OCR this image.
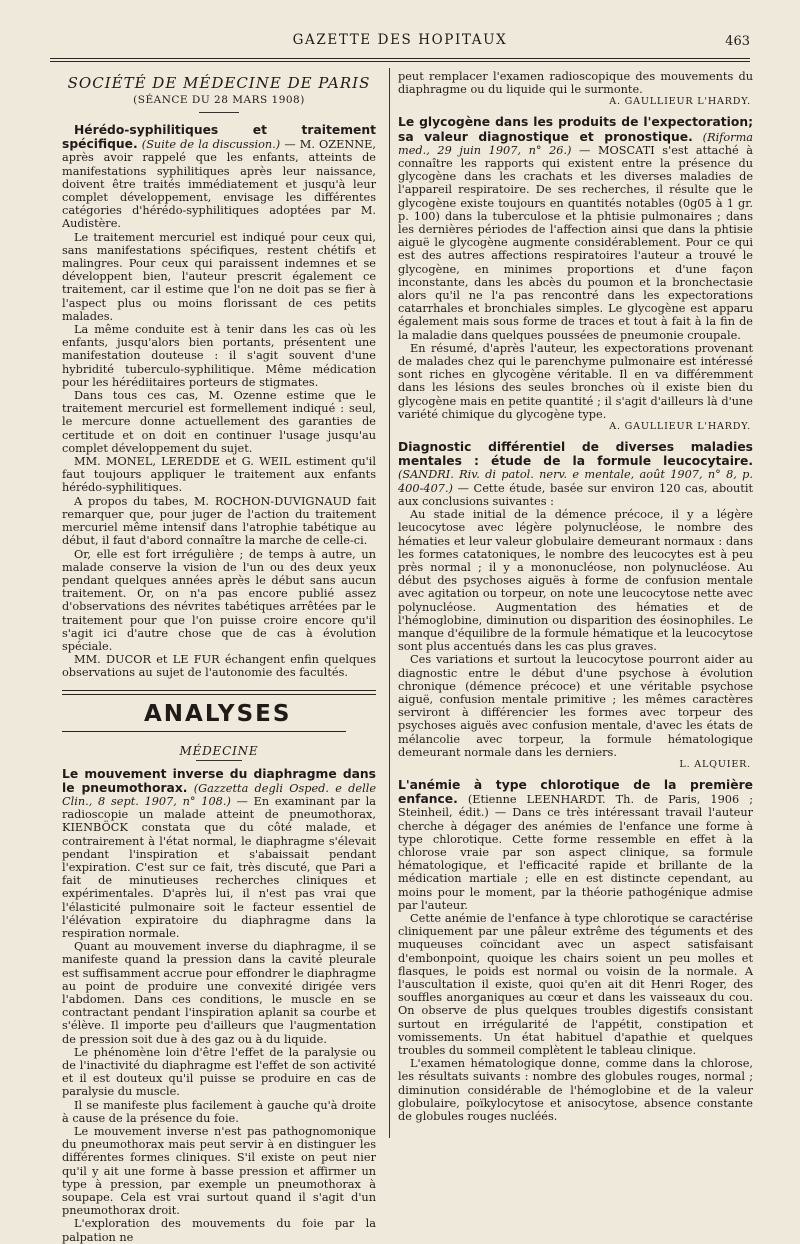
GAZETTE DES HOPITAUX	463
SOCIÉTÉ DE MÉDECINE DE PARIS
(SÉANCE DU 28 MARS 1908)

Hérédo-syphilitiques et traitement spécifique. (Suite de la discussion.) — M. OZENNE, après avoir rappelé que les enfants, atteints de manifestations syphilitiques après leur naissance, doivent être traités immédiatement et jusqu'à leur complet développement, envisage les différentes catégories d'hérédo-syphilitiques adoptées par M. Audistère.

Le traitement mercuriel est indiqué pour ceux qui, sans manifestations spécifiques, restent chétifs et malingres. Pour ceux qui paraissent indemnes et se développent bien, l'auteur prescrit également ce traitement, car il estime que l'on ne doit pas se fier à l'aspect plus ou moins florissant de ces petits malades.

La même conduite est à tenir dans les cas où les enfants, jusqu'alors bien portants, présentent une manifestation douteuse : il s'agit souvent d'une hybridité tuberculo-syphilitique. Même médication pour les hérédiitaires porteurs de stigmates.

Dans tous ces cas, M. Ozenne estime que le traitement mercuriel est formellement indiqué : seul, le mercure donne actuellement des garanties de certitude et on doit en continuer l'usage jusqu'au complet développement du sujet.

MM. MONEL, LEREDDE et G. WEIL estiment qu'il faut toujours appliquer le traitement aux enfants hérédo-syphilitiques.

A propos du tabes, M. ROCHON-DUVIGNAUD fait remarquer que, pour juger de l'action du traitement mercuriel même intensif dans l'atrophie tabétique au début, il faut d'abord connaître la marche de celle-ci.

Or, elle est fort irrégulière ; de temps à autre, un malade conserve la vision de l'un ou des deux yeux pendant quelques années après le début sans aucun traitement. Or, on n'a pas encore publié assez d'observations des névrites tabétiques arrêtées par le traitement pour que l'on puisse croire encore qu'il s'agit ici d'autre chose que de cas à évolution spéciale.

MM. DUCOR et LE FUR échangent enfin quelques observations au sujet de l'autonomie des facultés.

ANALYSES
MÉDECINE

Le mouvement inverse du diaphragme dans le pneumothorax. (Gazzetta degli Osped. e delle Clin., 8 sept. 1907, n° 108.) — En examinant par la radioscopie un malade atteint de pneumothorax, KIENBÖCK constata que du côté malade, et contrairement à l'état normal, le diaphragme s'élevait pendant l'inspiration et s'abaissait pendant l'expiration. C'est sur ce fait, très discuté, que Pari a fait de minutieuses recherches cliniques et expérimentales. D'après lui, il n'est pas vrai que l'élasticité pulmonaire soit le facteur essentiel de l'élévation expiratoire du diaphragme dans la respiration normale.

Quant au mouvement inverse du diaphragme, il se manifeste quand la pression dans la cavité pleurale est suffisamment accrue pour effondrer le diaphragme au point de produire une convexité dirigée vers l'abdomen. Dans ces conditions, le muscle en se contractant pendant l'inspiration aplanit sa courbe et s'élève. Il importe peu d'ailleurs que l'augmentation de pression soit due à des gaz ou à du liquide.

Le phénomène loin d'être l'effet de la paralysie ou de l'inactivité du diaphragme est l'effet de son activité et il est douteux qu'il puisse se produire en cas de paralysie du muscle.

Il se manifeste plus facilement à gauche qu'à droite à cause de la présence du foie.

Le mouvement inverse n'est pas pathognomonique du pneumothorax mais peut servir à en distinguer les différentes formes cliniques. S'il existe on peut nier qu'il y ait une forme à basse pression et affirmer un type à pression, par exemple un pneumothorax à soupape. Cela est vrai surtout quand il s'agit d'un pneumothorax droit.

L'exploration des mouvements du foie par la palpation ne

peut remplacer l'examen radioscopique des mouvements du diaphragme ou du liquide qui le surmonte.

A. GAULLIEUR L'HARDY.

Le glycogène dans les produits de l'expectoration; sa valeur diagnostique et pronostique. (Riforma med., 29 juin 1907, n° 26.) — MOSCATI s'est attaché à connaître les rapports qui existent entre la présence du glycogène dans les crachats et les diverses maladies de l'appareil respiratoire. De ses recherches, il résulte que le glycogène existe toujours en quantités notables (0g05 à 1 gr. p. 100) dans la tuberculose et la phtisie pulmonaires ; dans les dernières périodes de l'affection ainsi que dans la phtisie aiguë le glycogène augmente considérablement. Pour ce qui est des autres affections respiratoires l'auteur a trouvé le glycogène, en minimes proportions et d'une façon inconstante, dans les abcès du poumon et la bronchectasie alors qu'il ne l'a pas rencontré dans les expectorations catarrhales et bronchiales simples. Le glycogène est apparu également mais sous forme de traces et tout à fait à la fin de la maladie dans quelques poussées de pneumonie croupale.

En résumé, d'après l'auteur, les expectorations provenant de malades chez qui le parenchyme pulmonaire est intéressé sont riches en glycogène véritable. Il en va différemment dans les lésions des seules bronches où il existe bien du glycogène mais en petite quantité ; il s'agit d'ailleurs là d'une variété chimique du glycogène type.

A. GAULLIEUR L'HARDY.

Diagnostic différentiel de diverses maladies mentales : étude de la formule leucocytaire. (SANDRI. Riv. di patol. nerv. e mentale, août 1907, n° 8, p. 400-407.) — Cette étude, basée sur environ 120 cas, aboutit aux conclusions suivantes :

Au stade initial de la démence précoce, il y a légère leucocytose avec légère polynucléose, le nombre des hématies et leur valeur globulaire demeurant normaux : dans les formes catatoniques, le nombre des leucocytes est à peu près normal ; il y a mononucléose, non polynucléose. Au début des psychoses aiguës à forme de confusion mentale avec agitation ou torpeur, on note une leucocytose nette avec polynucléose. Augmentation des hématies et de l'hémoglobine, diminution ou disparition des éosinophiles. Le manque d'équilibre de la formule hématique et la leucocytose sont plus accentués dans les cas plus graves.

Ces variations et surtout la leucocytose pourront aider au diagnostic entre le début d'une psychose à évolution chronique (démence précoce) et une véritable psychose aiguë, confusion mentale primitive ; les mêmes caractères serviront à différencier les formes avec torpeur des psychoses aiguës avec confusion mentale, d'avec les états de mélancolie avec torpeur, la formule hématologique demeurant normale dans les derniers.

L. ALQUIER.

L'anémie à type chlorotique de la première enfance. (Etienne LEENHARDT. Th. de Paris, 1906 ; Steinheil, édit.) — Dans ce très intéressant travail l'auteur cherche à dégager des anémies de l'enfance une forme à type chlorotique. Cette forme ressemble en effet à la chlorose vraie par son aspect clinique, sa formule hématologique, et l'efficacité rapide et brillante de la médication martiale ; elle en est distincte cependant, au moins pour le moment, par la théorie pathogénique admise par l'auteur.

Cette anémie de l'enfance à type chlorotique se caractérise cliniquement par une pâleur extrême des téguments et des muqueuses coïncidant avec un aspect satisfaisant d'embonpoint, quoique les chairs soient un peu molles et flasques, le poids est normal ou voisin de la normale. A l'auscultation il existe, quoi qu'en ait dit Henri Roger, des souffles anorganiques au cœur et dans les vaisseaux du cou. On observe de plus quelques troubles digestifs consistant surtout en irrégularité de l'appétit, constipation et vomissements. Un état habituel d'apathie et quelques troubles du sommeil complètent le tableau clinique.

L'examen hématologique donne, comme dans la chlorose, les résultats suivants : nombre des globules rouges, normal ; diminution considérable de l'hémoglobine et de la valeur globulaire, poïkylocytose et anisocytose, absence constante de globules rouges nucléés.
